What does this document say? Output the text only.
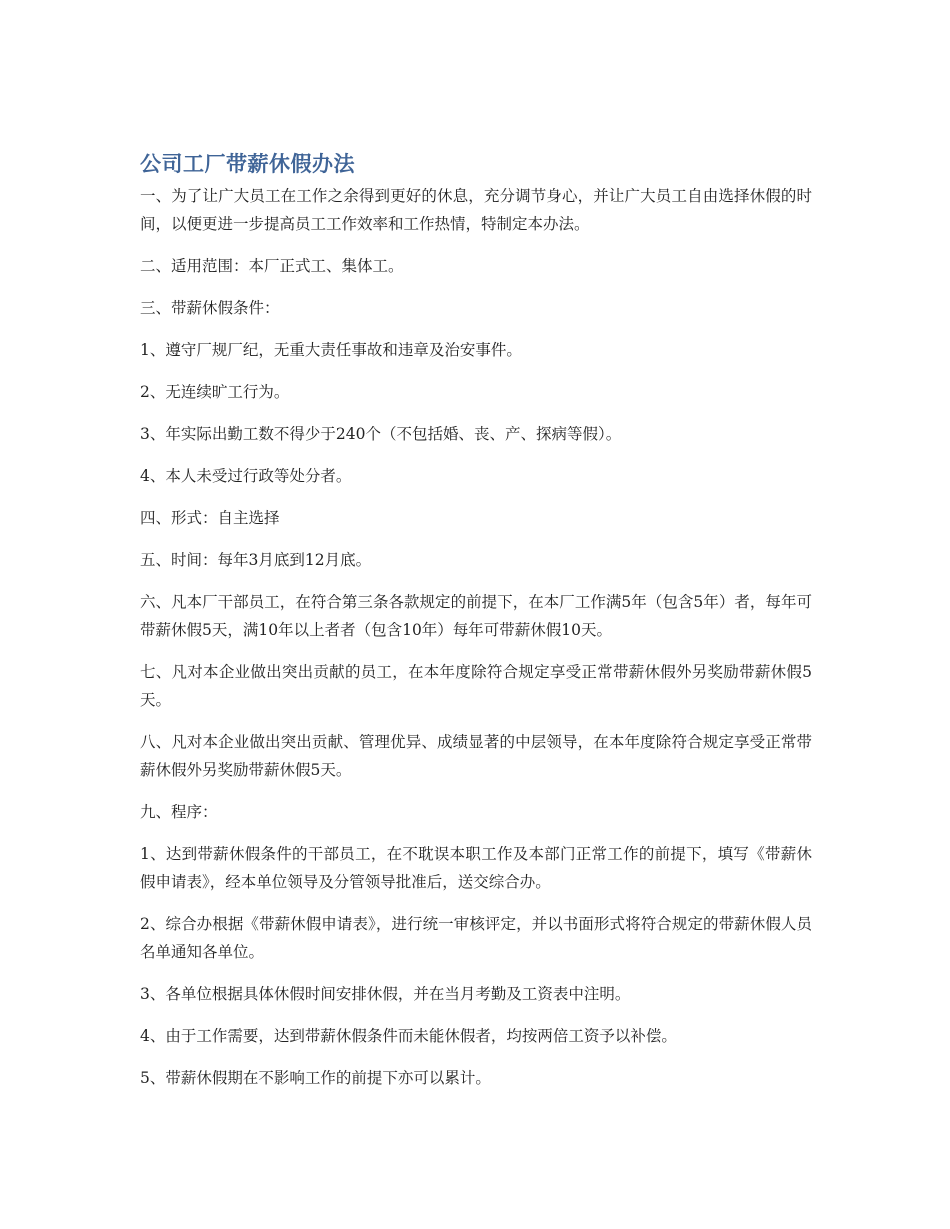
公司工厂带薪休假办法

一、为了让广大员工在工作之余得到更好的休息，充分调节身心，并让广大员工自由选择休假的时间，以便更进一步提高员工工作效率和工作热情，特制定本办法。

二、适用范围：本厂正式工、集体工。

三、带薪休假条件：

1、遵守厂规厂纪，无重大责任事故和违章及治安事件。

2、无连续旷工行为。

3、年实际出勤工数不得少于240个（不包括婚、丧、产、探病等假）。

4、本人未受过行政等处分者。

四、形式：自主选择

五、时间：每年3月底到12月底。

六、凡本厂干部员工，在符合第三条各款规定的前提下，在本厂工作满5年（包含5年）者，每年可带薪休假5天，满10年以上者者（包含10年）每年可带薪休假10天。

七、凡对本企业做出突出贡献的员工，在本年度除符合规定享受正常带薪休假外另奖励带薪休假5天。

八、凡对本企业做出突出贡献、管理优异、成绩显著的中层领导，在本年度除符合规定享受正常带薪休假外另奖励带薪休假5天。

九、程序：

1、达到带薪休假条件的干部员工，在不耽误本职工作及本部门正常工作的前提下，填写《带薪休假申请表》，经本单位领导及分管领导批准后，送交综合办。

2、综合办根据《带薪休假申请表》，进行统一审核评定，并以书面形式将符合规定的带薪休假人员名单通知各单位。

3、各单位根据具体休假时间安排休假，并在当月考勤及工资表中注明。

4、由于工作需要，达到带薪休假条件而未能休假者，均按两倍工资予以补偿。

5、带薪休假期在不影响工作的前提下亦可以累计。
